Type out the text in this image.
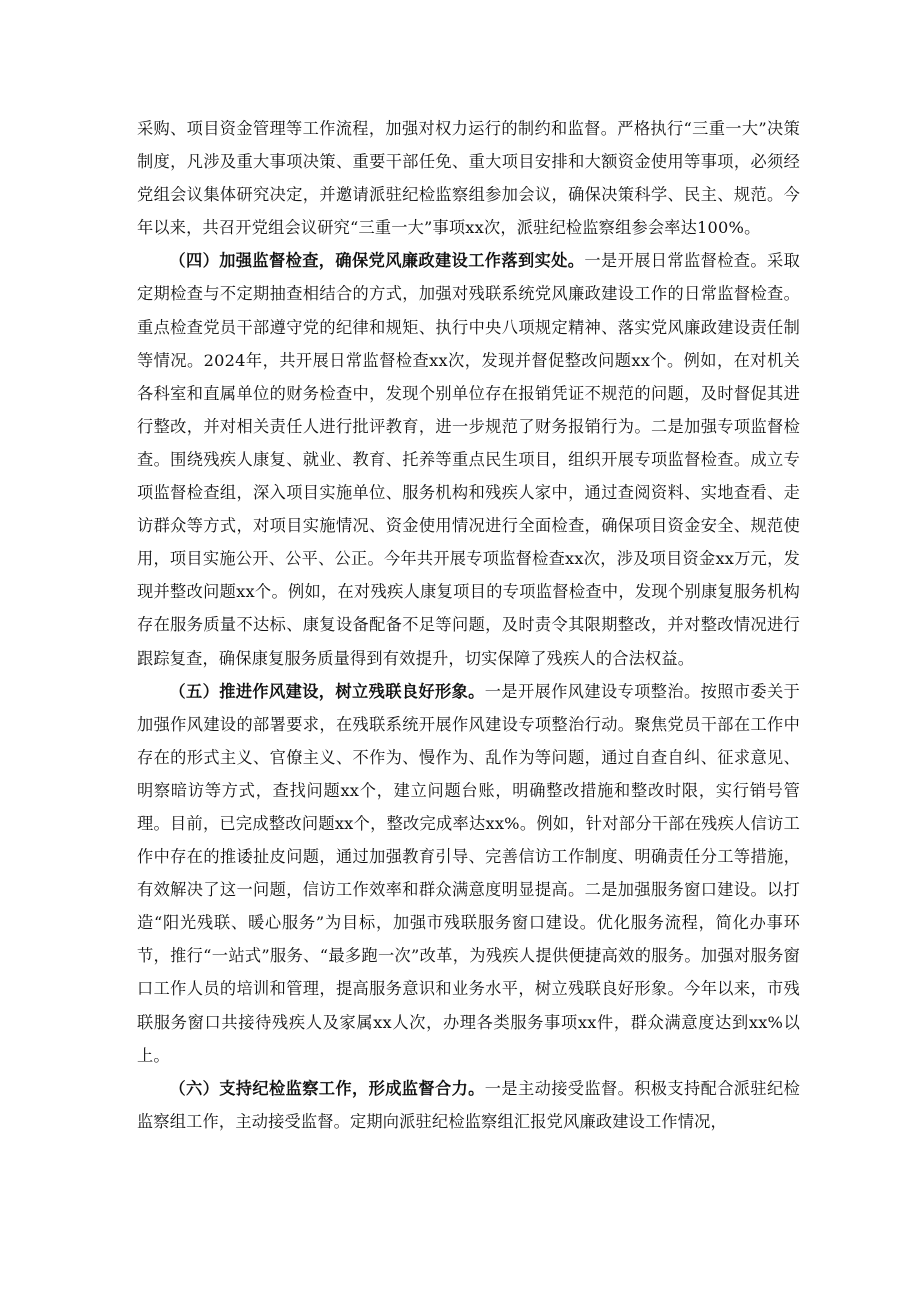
采购、项目资金管理等工作流程，加强对权力运行的制约和监督。严格执行“三重一大”决策制度，凡涉及重大事项决策、重要干部任免、重大项目安排和大额资金使用等事项，必须经党组会议集体研究决定，并邀请派驻纪检监察组参加会议，确保决策科学、民主、规范。今年以来，共召开党组会议研究“三重一大”事项xx次，派驻纪检监察组参会率达100%。

（四）加强监督检查，确保党风廉政建设工作落到实处。一是开展日常监督检查。采取定期检查与不定期抽查相结合的方式，加强对残联系统党风廉政建设工作的日常监督检查。重点检查党员干部遵守党的纪律和规矩、执行中央八项规定精神、落实党风廉政建设责任制等情况。2024年，共开展日常监督检查xx次，发现并督促整改问题xx个。例如，在对机关各科室和直属单位的财务检查中，发现个别单位存在报销凭证不规范的问题，及时督促其进行整改，并对相关责任人进行批评教育，进一步规范了财务报销行为。二是加强专项监督检查。围绕残疾人康复、就业、教育、托养等重点民生项目，组织开展专项监督检查。成立专项监督检查组，深入项目实施单位、服务机构和残疾人家中，通过查阅资料、实地查看、走访群众等方式，对项目实施情况、资金使用情况进行全面检查，确保项目资金安全、规范使用，项目实施公开、公平、公正。今年共开展专项监督检查xx次，涉及项目资金xx万元，发现并整改问题xx个。例如，在对残疾人康复项目的专项监督检查中，发现个别康复服务机构存在服务质量不达标、康复设备配备不足等问题，及时责令其限期整改，并对整改情况进行跟踪复查，确保康复服务质量得到有效提升，切实保障了残疾人的合法权益。

（五）推进作风建设，树立残联良好形象。一是开展作风建设专项整治。按照市委关于加强作风建设的部署要求，在残联系统开展作风建设专项整治行动。聚焦党员干部在工作中存在的形式主义、官僚主义、不作为、慢作为、乱作为等问题，通过自查自纠、征求意见、明察暗访等方式，查找问题xx个，建立问题台账，明确整改措施和整改时限，实行销号管理。目前，已完成整改问题xx个，整改完成率达xx%。例如，针对部分干部在残疾人信访工作中存在的推诿扯皮问题，通过加强教育引导、完善信访工作制度、明确责任分工等措施，有效解决了这一问题，信访工作效率和群众满意度明显提高。二是加强服务窗口建设。以打造“阳光残联、暖心服务”为目标，加强市残联服务窗口建设。优化服务流程，简化办事环节，推行“一站式”服务、“最多跑一次”改革，为残疾人提供便捷高效的服务。加强对服务窗口工作人员的培训和管理，提高服务意识和业务水平，树立残联良好形象。今年以来，市残联服务窗口共接待残疾人及家属xx人次，办理各类服务事项xx件，群众满意度达到xx%以上。

（六）支持纪检监察工作，形成监督合力。一是主动接受监督。积极支持配合派驻纪检监察组工作，主动接受监督。定期向派驻纪检监察组汇报党风廉政建设工作情况，
